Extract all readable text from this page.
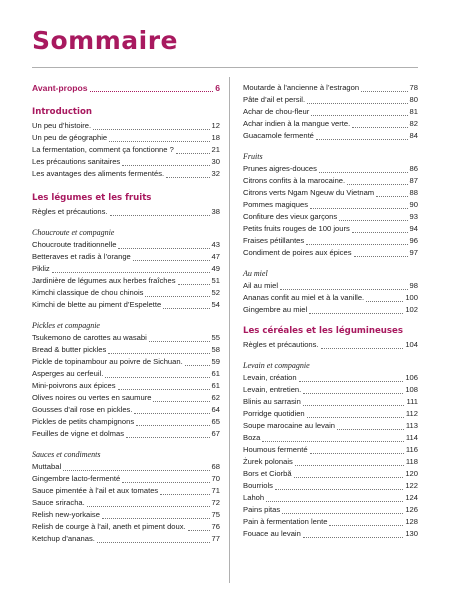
Sommaire
Avant-propos	6
Introduction
Un peu d’histoire.	12
Un peu de géographie	18
La fermentation, comment ça fonctionne ?	21
Les précautions sanitaires	30
Les avantages des aliments fermentés.	32
Les légumes et les fruits
Règles et précautions.	38
Choucroute et compagnie
Choucroute traditionnelle	43
Betteraves et radis à l’orange	47
Pikliz	49
Jardinière de légumes aux herbes fraîches	51
Kimchi classique de chou chinois	52
Kimchi de blette au piment d’Espelette	54
Pickles et compagnie
Tsukemono de carottes au wasabi	55
Bread & butter pickles	58
Pickle de topinambour au poivre de Sichuan.	59
Asperges au cerfeuil.	61
Mini-poivrons aux épices	61
Olives noires ou vertes en saumure	62
Gousses d’ail rose en pickles.	64
Pickles de petits champignons	65
Feuilles de vigne et dolmas	67
Sauces et condiments
Muttabal	68
Gingembre lacto-fermenté	70
Sauce pimentée à l’ail et aux tomates	71
Sauce sriracha.	72
Relish new-yorkaise	75
Relish de courge à l’ail, aneth et piment doux.	76
Ketchup d’ananas.	77
Moutarde à l’ancienne à l’estragon	78
Pâte d’ail et persil.	80
Achar de chou-fleur	81
Achar indien à la mangue verte.	82
Guacamole fermenté	84
Fruits
Prunes aigres-douces	86
Citrons confits à la marocaine.	87
Citrons verts Ngam Ngeuw du Vietnam	88
Pommes magiques	90
Confiture des vieux garçons	93
Petits fruits rouges de 100 jours	94
Fraises pétillantes	96
Condiment de poires aux épices	97
Au miel
Ail au miel	98
Ananas confit au miel et à la vanille.	100
Gingembre au miel	102
Les céréales et les légumineuses
Règles et précautions.	104
Levain et compagnie
Levain, création	106
Levain, entretien.	108
Blinis au sarrasin	111
Porridge quotidien	112
Soupe marocaine au levain	113
Boza	114
Houmous fermenté	116
Żurek polonais	118
Bors et Ciorbă	120
Bourriols	122
Lahoh	124
Pains pitas	126
Pain à fermentation lente	128
Fouace au levain	130
